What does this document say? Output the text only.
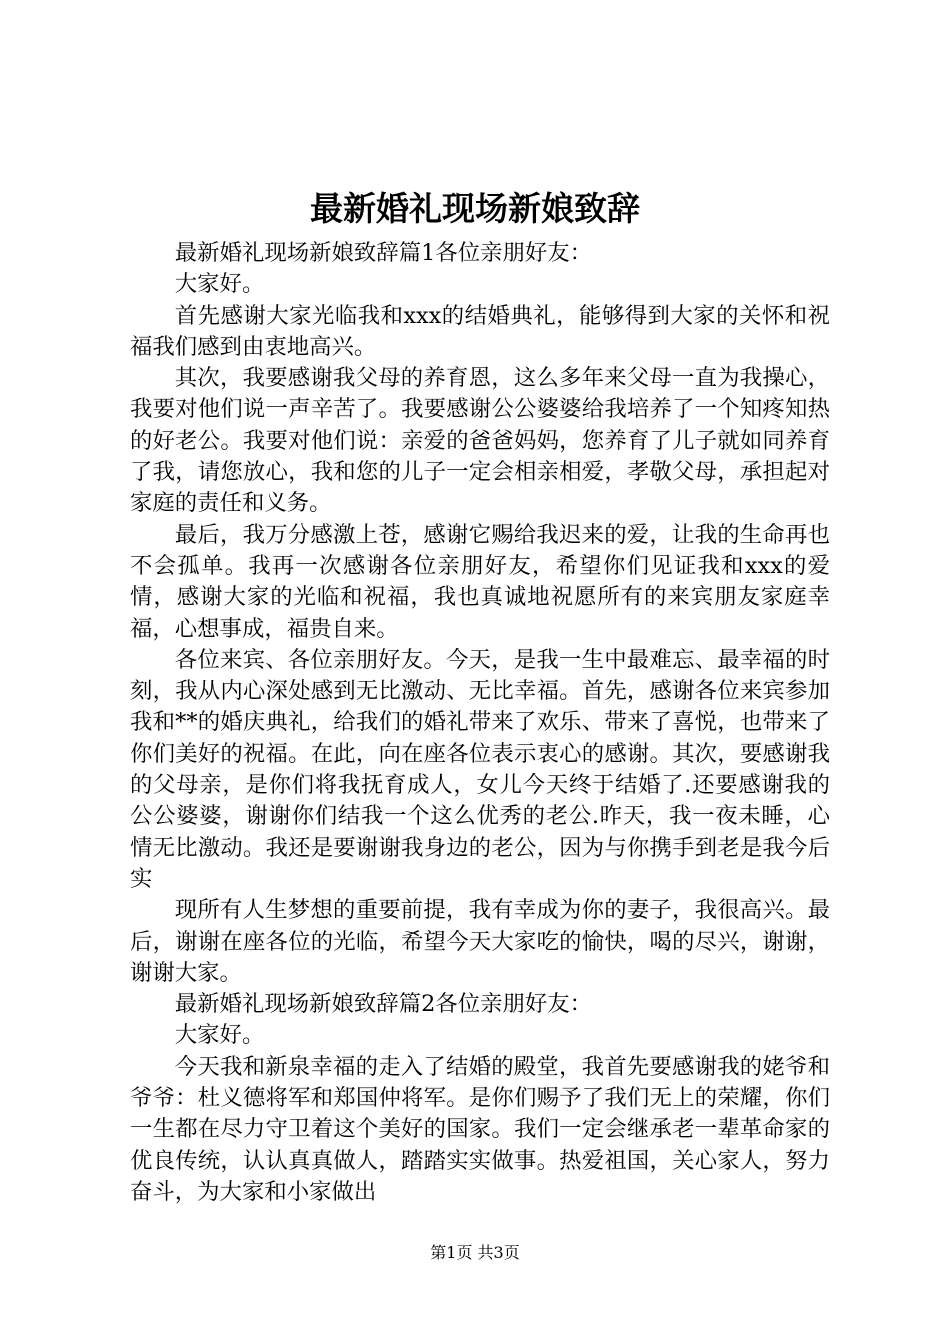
最新婚礼现场新娘致辞

最新婚礼现场新娘致辞篇1各位亲朋好友：

大家好。

首先感谢大家光临我和xxx的结婚典礼，能够得到大家的关怀和祝福我们感到由衷地高兴。

其次，我要感谢我父母的养育恩，这么多年来父母一直为我操心，我要对他们说一声辛苦了。我要感谢公公婆婆给我培养了一个知疼知热的好老公。我要对他们说：亲爱的爸爸妈妈，您养育了儿子就如同养育了我，请您放心，我和您的儿子一定会相亲相爱，孝敬父母，承担起对家庭的责任和义务。

最后，我万分感激上苍，感谢它赐给我迟来的爱，让我的生命再也不会孤单。我再一次感谢各位亲朋好友，希望你们见证我和xxx的爱情，感谢大家的光临和祝福，我也真诚地祝愿所有的来宾朋友家庭幸福，心想事成，福贵自来。

各位来宾、各位亲朋好友。今天，是我一生中最难忘、最幸福的时刻，我从内心深处感到无比激动、无比幸福。首先，感谢各位来宾参加我和**的婚庆典礼，给我们的婚礼带来了欢乐、带来了喜悦，也带来了你们美好的祝福。在此，向在座各位表示衷心的感谢。其次，要感谢我的父母亲，是你们将我抚育成人，女儿今天终于结婚了.还要感谢我的公公婆婆，谢谢你们结我一个这么优秀的老公.昨天，我一夜未睡，心情无比激动。我还是要谢谢我身边的老公，因为与你携手到老是我今后实

现所有人生梦想的重要前提，我有幸成为你的妻子，我很高兴。最后，谢谢在座各位的光临，希望今天大家吃的愉快，喝的尽兴，谢谢，谢谢大家。

最新婚礼现场新娘致辞篇2各位亲朋好友：

大家好。

今天我和新泉幸福的走入了结婚的殿堂，我首先要感谢我的姥爷和爷爷：杜义德将军和郑国仲将军。是你们赐予了我们无上的荣耀，你们一生都在尽力守卫着这个美好的国家。我们一定会继承老一辈革命家的优良传统，认认真真做人，踏踏实实做事。热爱祖国，关心家人，努力奋斗，为大家和小家做出

第1页 共3页
